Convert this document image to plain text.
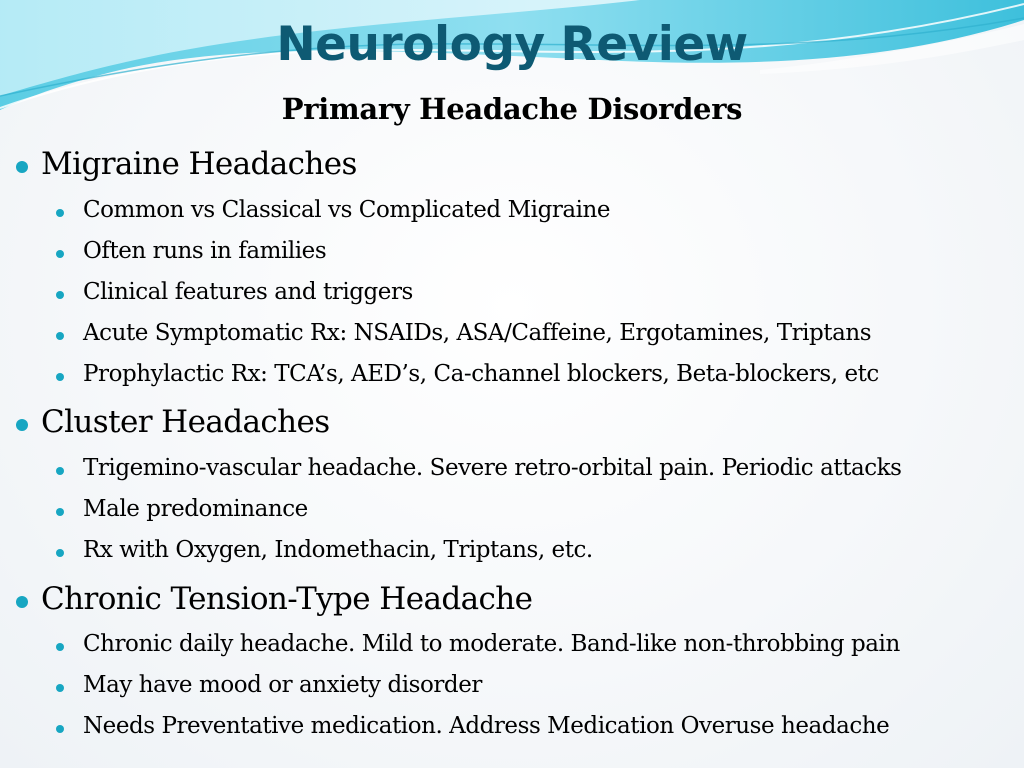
Neurology Review
Primary Headache Disorders

Migraine Headaches

Common vs Classical vs Complicated Migraine

Often runs in families

Clinical features and triggers

Acute Symptomatic Rx: NSAIDs, ASA/Caffeine, Ergotamines, Triptans

Prophylactic Rx: TCA’s, AED’s, Ca-channel blockers, Beta-blockers, etc

Cluster Headaches

Trigemino-vascular headache. Severe retro-orbital pain. Periodic attacks

Male predominance

Rx with Oxygen, Indomethacin, Triptans, etc.

Chronic Tension-Type Headache

Chronic daily headache. Mild to moderate. Band-like non-throbbing pain

May have mood or anxiety disorder

Needs Preventative medication. Address Medication Overuse headache
